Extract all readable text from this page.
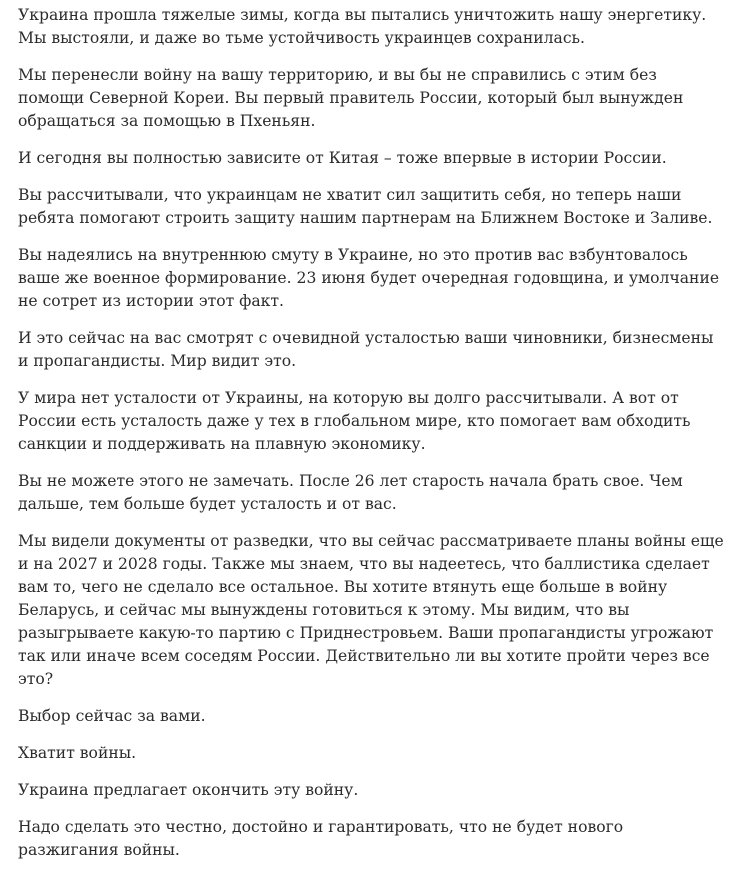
Украина прошла тяжелые зимы, когда вы пытались уничтожить нашу энергетику. Мы выстояли, и даже во тьме устойчивость украинцев сохранилась.

Мы перенесли войну на вашу территорию, и вы бы не справились с этим без помощи Северной Кореи. Вы первый правитель России, который был вынужден обращаться за помощью в Пхеньян.

И сегодня вы полностью зависите от Китая – тоже впервые в истории России.

Вы рассчитывали, что украинцам не хватит сил защитить себя, но теперь наши ребята помогают строить защиту нашим партнерам на Ближнем Востоке и Заливе.

Вы надеялись на внутреннюю смуту в Украине, но это против вас взбунтовалось ваше же военное формирование. 23 июня будет очередная годовщина, и умолчание не сотрет из истории этот факт.

И это сейчас на вас смотрят с очевидной усталостью ваши чиновники, бизнесмены и пропагандисты. Мир видит это.

У мира нет усталости от Украины, на которую вы долго рассчитывали. А вот от России есть усталость даже у тех в глобальном мире, кто помогает вам обходить санкции и поддерживать на плавную экономику.

Вы не можете этого не замечать. После 26 лет старость начала брать свое. Чем дальше, тем больше будет усталость и от вас.

Мы видели документы от разведки, что вы сейчас рассматриваете планы войны еще и на 2027 и 2028 годы. Также мы знаем, что вы надеетесь, что баллистика сделает вам то, чего не сделало все остальное. Вы хотите втянуть еще больше в войну Беларусь, и сейчас мы вынуждены готовиться к этому. Мы видим, что вы разыгрываете какую-то партию с Приднестровьем. Ваши пропагандисты угрожают так или иначе всем соседям России. Действительно ли вы хотите пройти через все это?

Выбор сейчас за вами.

Хватит войны.

Украина предлагает окончить эту войну.

Надо сделать это честно, достойно и гарантировать, что не будет нового разжигания войны.
